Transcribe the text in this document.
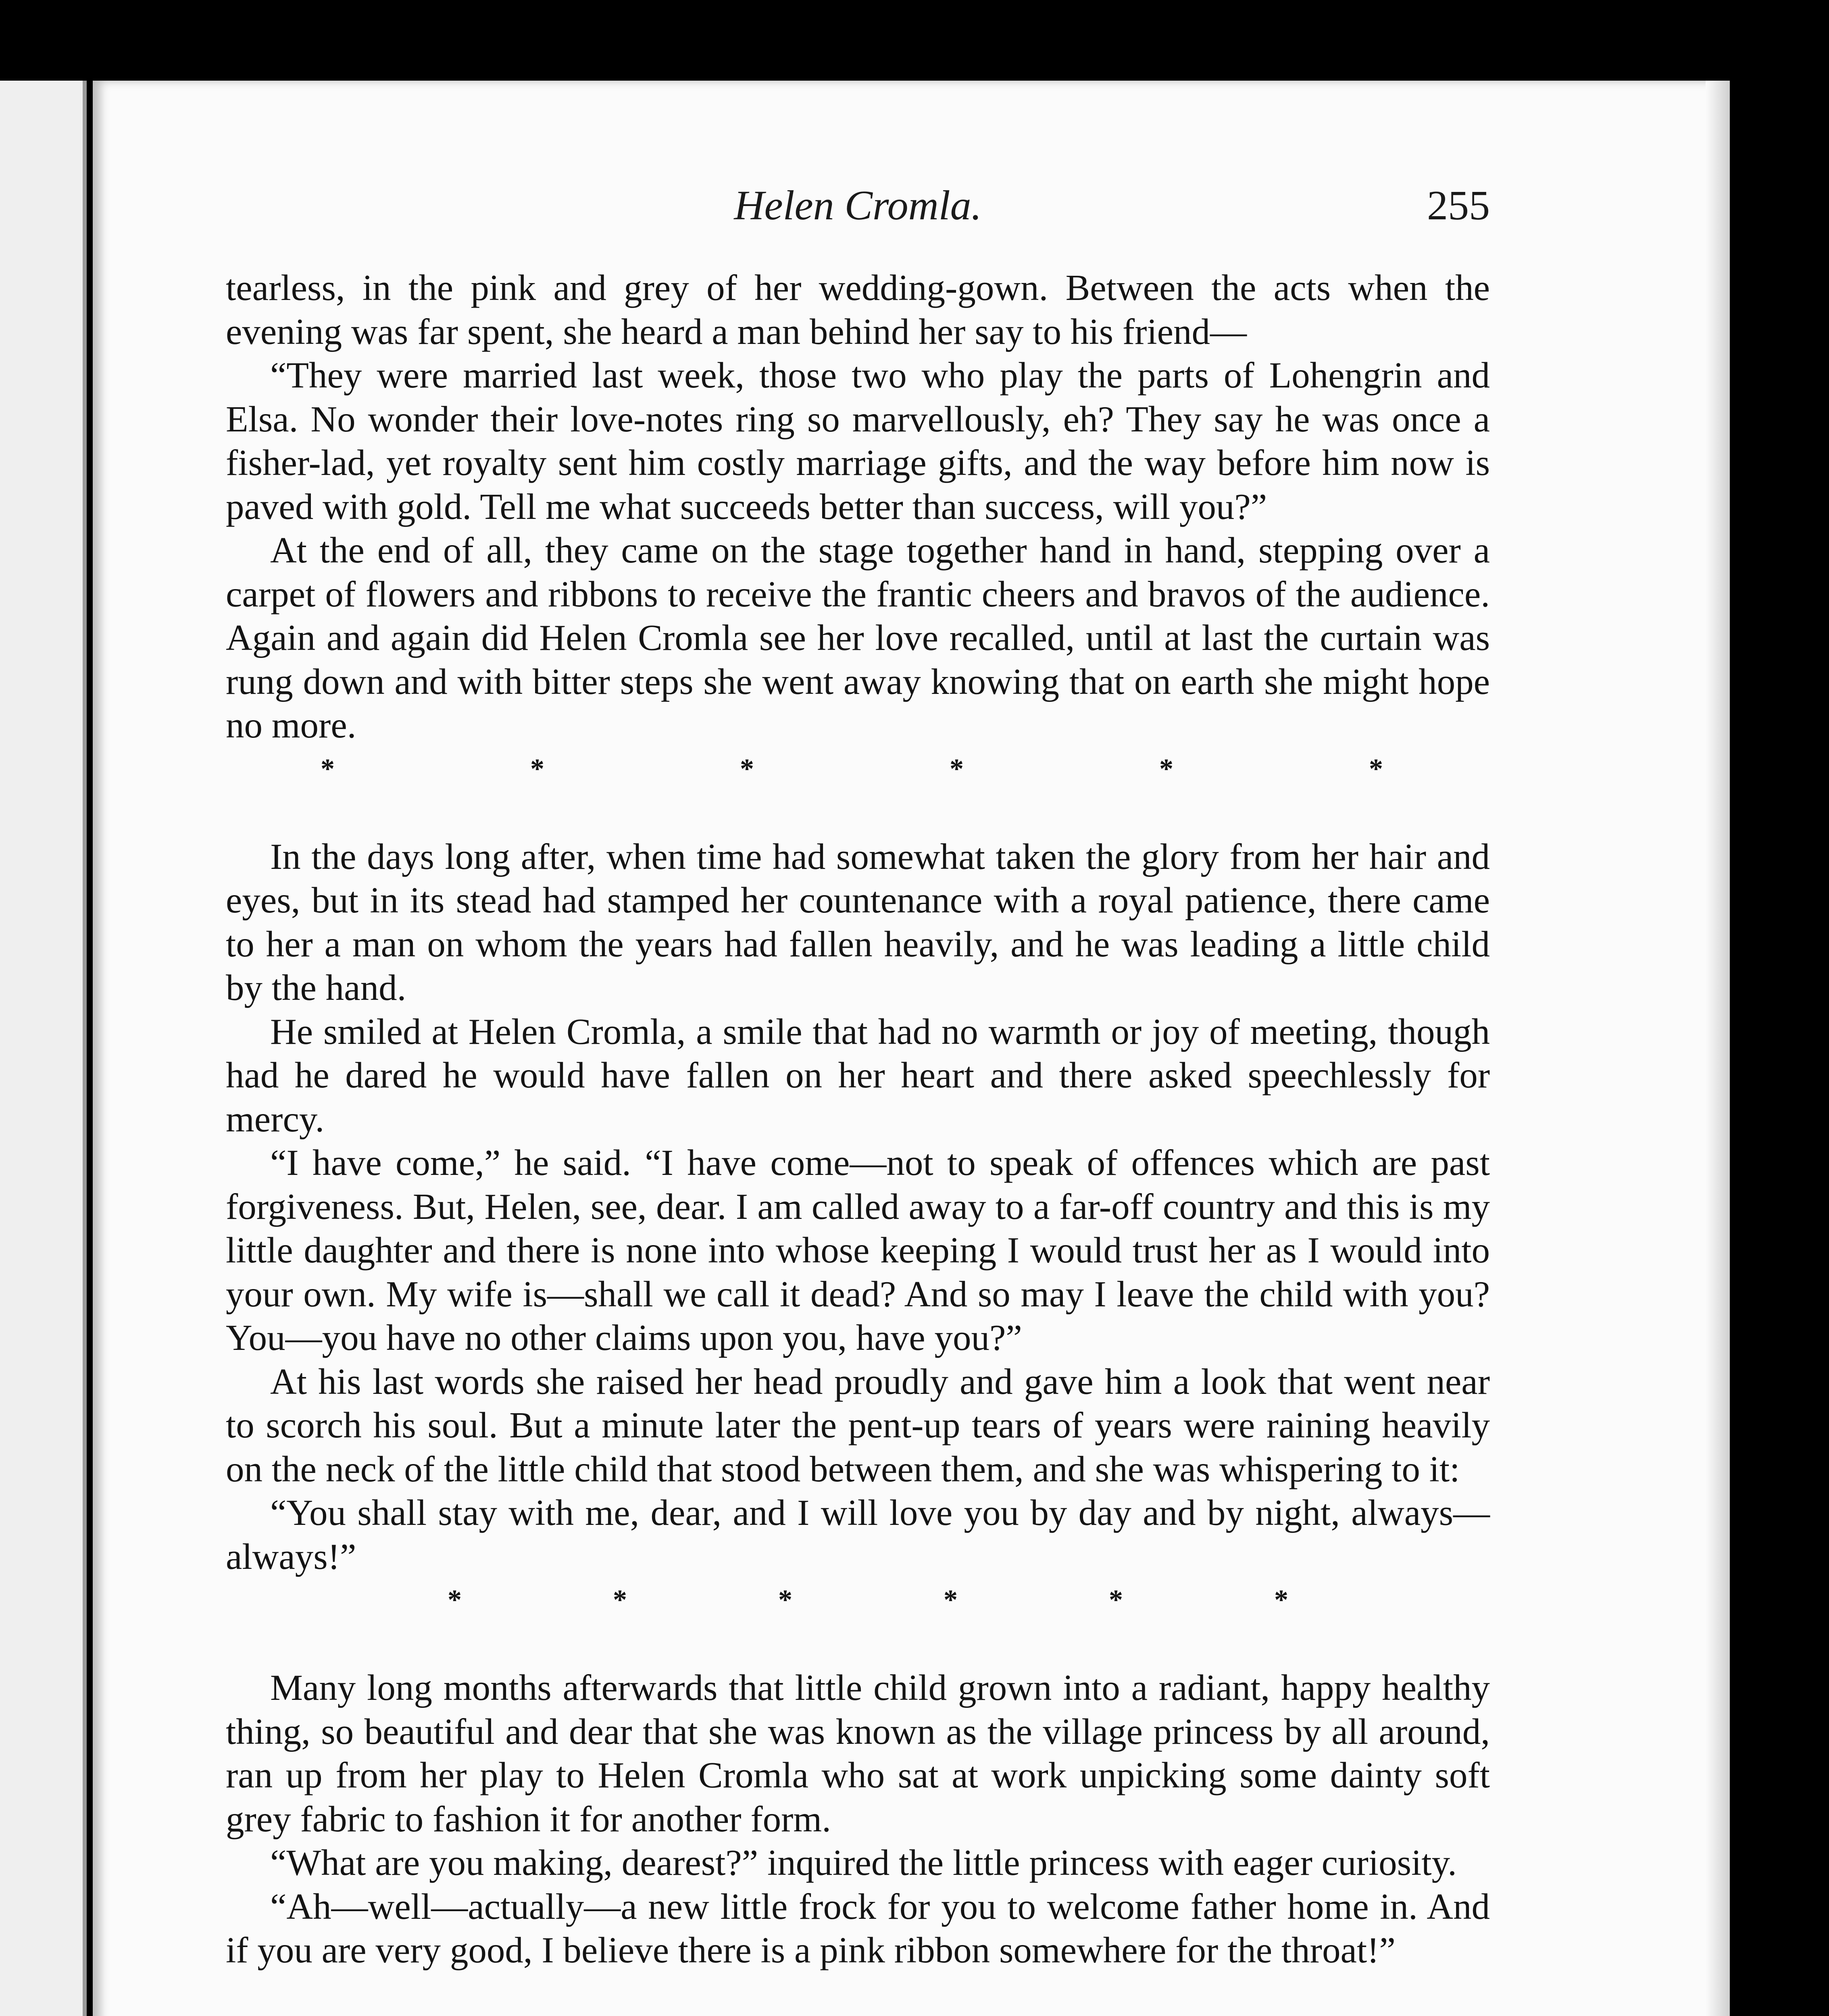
Helen Cromla.	255

tearless, in the pink and grey of her wedding-gown. Between the acts when the evening was far spent, she heard a man behind her say to his friend—

“They were married last week, those two who play the parts of Lohengrin and Elsa. No wonder their love-notes ring so marvellously, eh? They say he was once a fisher-lad, yet royalty sent him costly marriage gifts, and the way before him now is paved with gold. Tell me what succeeds better than success, will you?”

At the end of all, they came on the stage together hand in hand, stepping over a carpet of flowers and ribbons to receive the frantic cheers and bravos of the audience. Again and again did Helen Cromla see her love recalled, until at last the curtain was rung down and with bitter steps she went away knowing that on earth she might hope no more.

*	*	*	*	*	*

In the days long after, when time had somewhat taken the glory from her hair and eyes, but in its stead had stamped her countenance with a royal patience, there came to her a man on whom the years had fallen heavily, and he was leading a little child by the hand.

He smiled at Helen Cromla, a smile that had no warmth or joy of meeting, though had he dared he would have fallen on her heart and there asked speechlessly for mercy.

“I have come,” he said. “I have come—not to speak of offences which are past forgiveness. But, Helen, see, dear. I am called away to a far-off country and this is my little daughter and there is none into whose keeping I would trust her as I would into your own. My wife is—shall we call it dead? And so may I leave the child with you? You—you have no other claims upon you, have you?”

At his last words she raised her head proudly and gave him a look that went near to scorch his soul. But a minute later the pent-up tears of years were raining heavily on the neck of the little child that stood between them, and she was whispering to it:

“You shall stay with me, dear, and I will love you by day and by night, always—always!”

*	*	*	*	*	*

Many long months afterwards that little child grown into a radiant, happy healthy thing, so beautiful and dear that she was known as the village princess by all around, ran up from her play to Helen Cromla who sat at work unpicking some dainty soft grey fabric to fashion it for another form.

“What are you making, dearest?” inquired the little princess with eager curiosity.

“Ah—well—actually—a new little frock for you to welcome father home in. And if you are very good, I believe there is a pink ribbon somewhere for the throat!”
